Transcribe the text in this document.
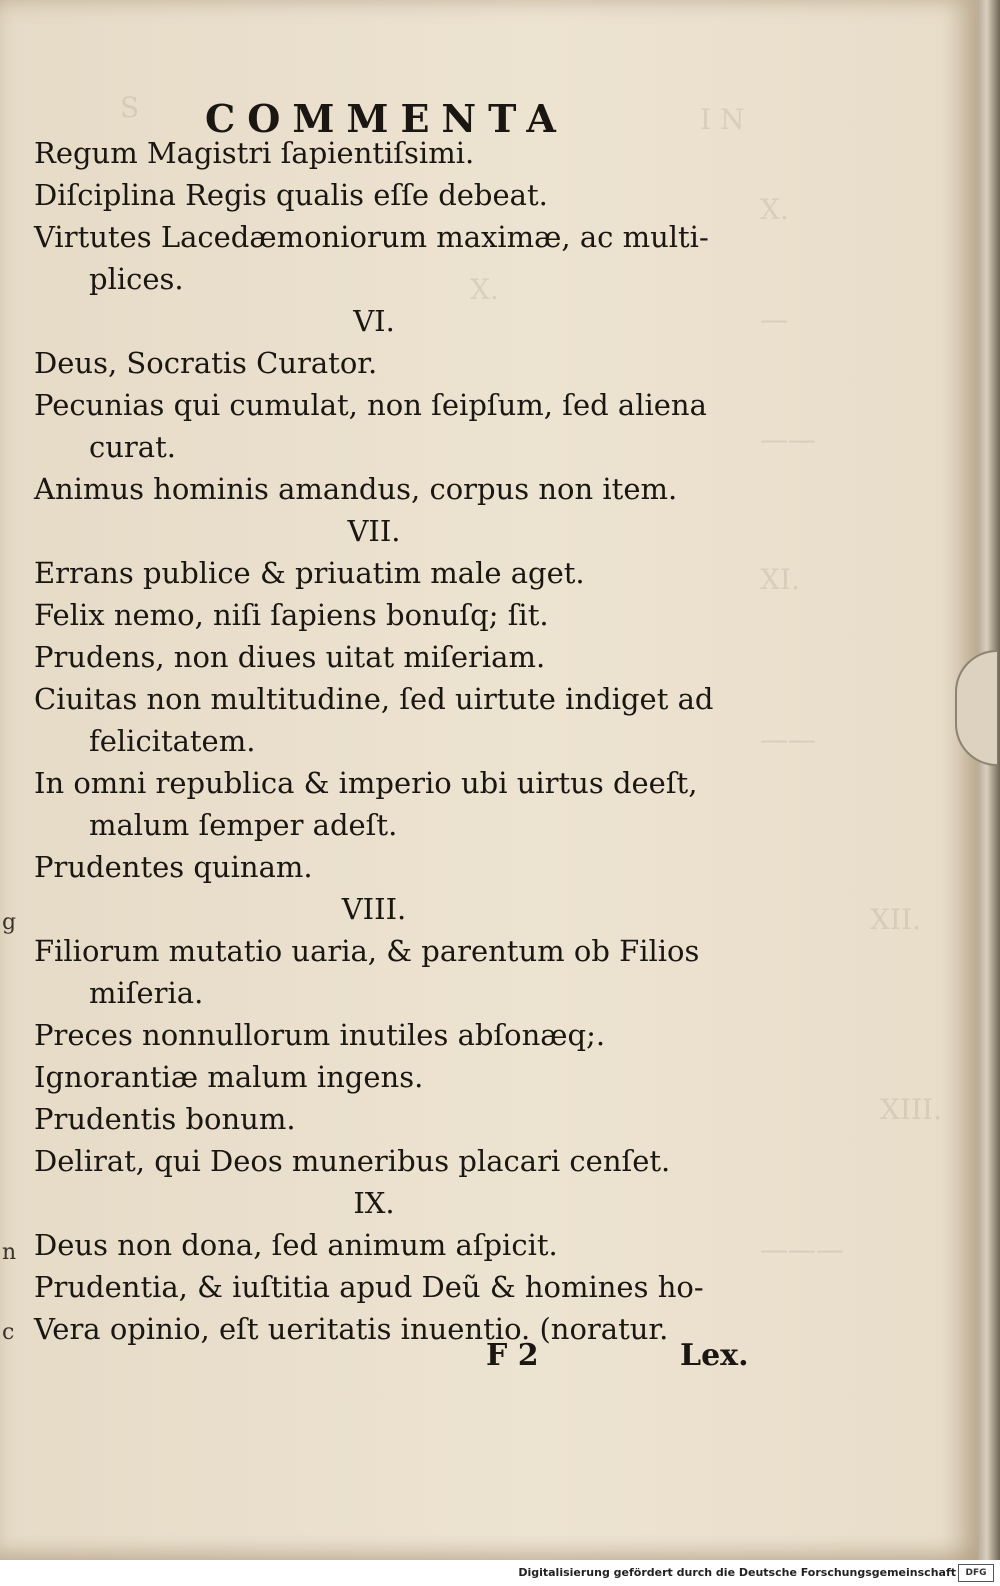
S	I N
X.
X.
—
——
XI.
——
XII.
XIII.
———
COMMENTA
Regum Magistri ſapientiſsimi.
Diſciplina Regis qualis eſſe debeat.
Virtutes Lacedæmoniorum maximæ, ac multi-
plices.
VI.
Deus, Socratis Curator.
Pecunias qui cumulat, non ſeipſum, ſed aliena
curat.
Animus hominis amandus, corpus non item.
VII.
Errans publice & priuatim male aget.
Felix nemo, niſi ſapiens bonuſq; ſit.
Prudens, non diues uitat miſeriam.
Ciuitas non multitudine, ſed uirtute indiget ad
felicitatem.
In omni republica & imperio ubi uirtus deeſt,
malum ſemper adeſt.
Prudentes quinam.
VIII.
Filiorum mutatio uaria, & parentum ob Filios
miſeria.
Preces nonnullorum inutiles abſonæq;.
Ignorantiæ malum ingens.
Prudentis bonum.
Delirat, qui Deos muneribus placari cenſet.
IX.
Deus non dona, ſed animum aſpicit.
Prudentia, & iuſtitia apud Deũ & homines ho-
Vera opinio, eſt ueritatis inuentio. (noratur.
F 2	Lex.
g
n
c
Digitalisierung gefördert durch die Deutsche Forschungsgemeinschaft	DFG
